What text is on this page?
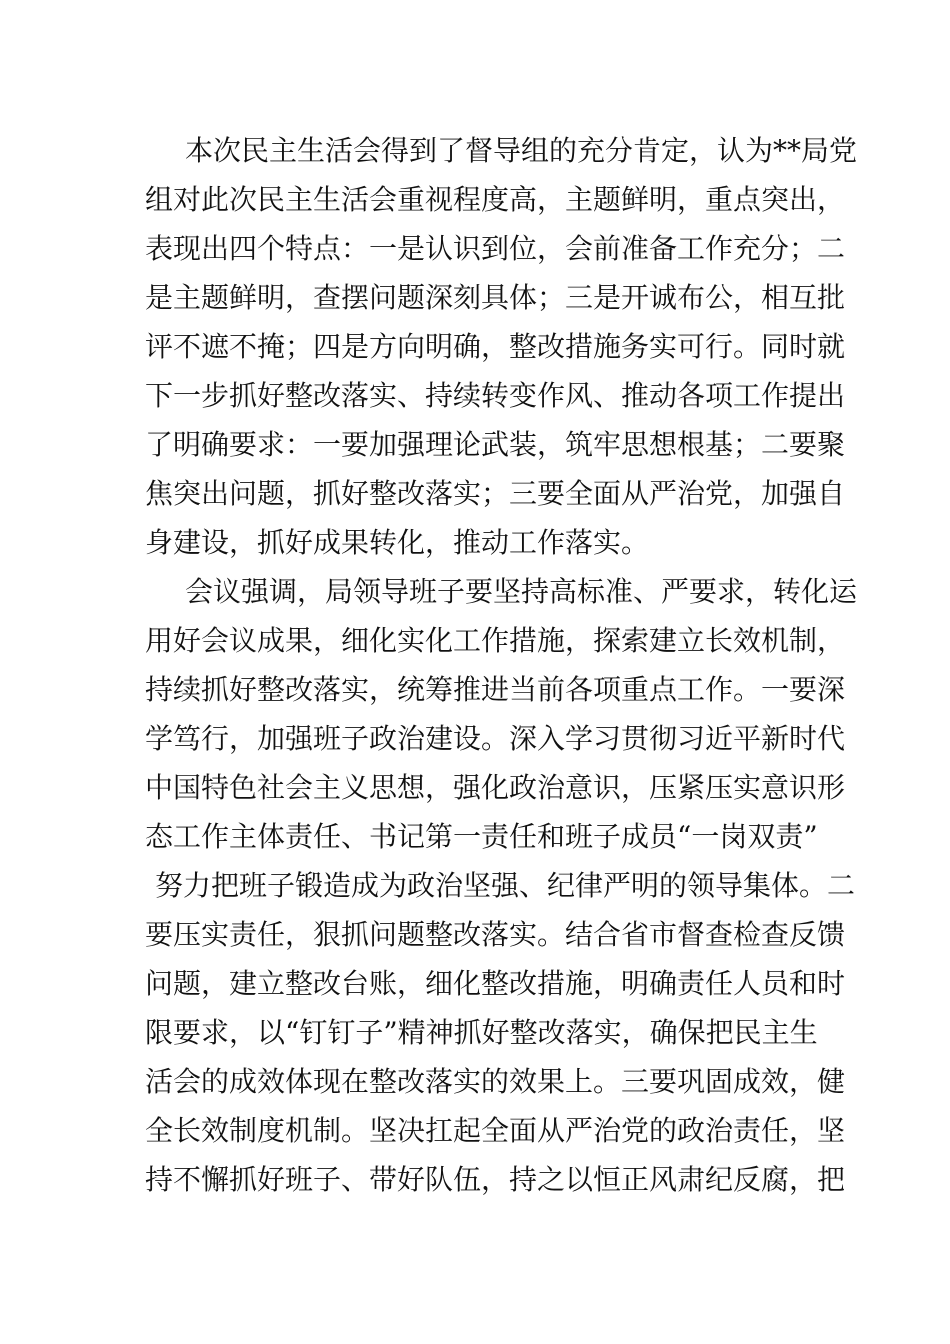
本次民主生活会得到了督导组的充分肯定，认为**局党
组对此次民主生活会重视程度高，主题鲜明，重点突出，
表现出四个特点：一是认识到位，会前准备工作充分；二
是主题鲜明，查摆问题深刻具体；三是开诚布公，相互批
评不遮不掩；四是方向明确，整改措施务实可行。同时就
下一步抓好整改落实、持续转变作风、推动各项工作提出
了明确要求：一要加强理论武装，筑牢思想根基；二要聚
焦突出问题，抓好整改落实；三要全面从严治党，加强自
身建设，抓好成果转化，推动工作落实。
会议强调，局领导班子要坚持高标准、严要求，转化运
用好会议成果，细化实化工作措施，探索建立长效机制，
持续抓好整改落实，统筹推进当前各项重点工作。一要深
学笃行，加强班子政治建设。深入学习贯彻习近平新时代
中国特色社会主义思想，强化政治意识，压紧压实意识形
态工作主体责任、书记第一责任和班子成员“一岗双责”
努力把班子锻造成为政治坚强、纪律严明的领导集体。二
要压实责任，狠抓问题整改落实。结合省市督查检查反馈
问题，建立整改台账，细化整改措施，明确责任人员和时
限要求，以“钉钉子”精神抓好整改落实，确保把民主生
活会的成效体现在整改落实的效果上。三要巩固成效，健
全长效制度机制。坚决扛起全面从严治党的政治责任，坚
持不懈抓好班子、带好队伍，持之以恒正风肃纪反腐，把
